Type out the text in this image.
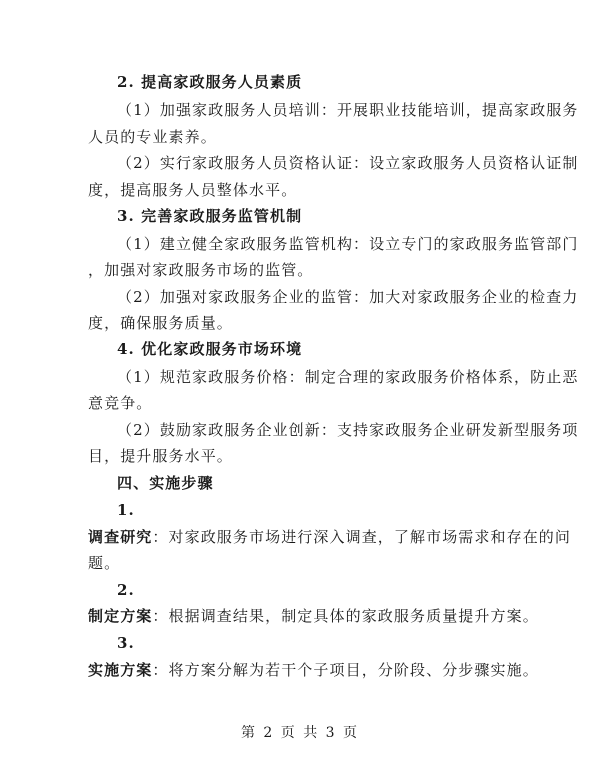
2. 提高家政服务人员素质
（1）加强家政服务人员培训：开展职业技能培训，提高家政服务
人员的专业素养。
（2）实行家政服务人员资格认证：设立家政服务人员资格认证制
度，提高服务人员整体水平。
3. 完善家政服务监管机制
（1）建立健全家政服务监管机构：设立专门的家政服务监管部门
，加强对家政服务市场的监管。
（2）加强对家政服务企业的监管：加大对家政服务企业的检查力
度，确保服务质量。
4. 优化家政服务市场环境
（1）规范家政服务价格：制定合理的家政服务价格体系，防止恶
意竞争。
（2）鼓励家政服务企业创新：支持家政服务企业研发新型服务项
目，提升服务水平。
四、实施步骤
1.
调查研究：对家政服务市场进行深入调查，了解市场需求和存在的问
题。
2.
制定方案：根据调查结果，制定具体的家政服务质量提升方案。
3.
实施方案：将方案分解为若干个子项目，分阶段、分步骤实施。
第 2 页 共 3 页
